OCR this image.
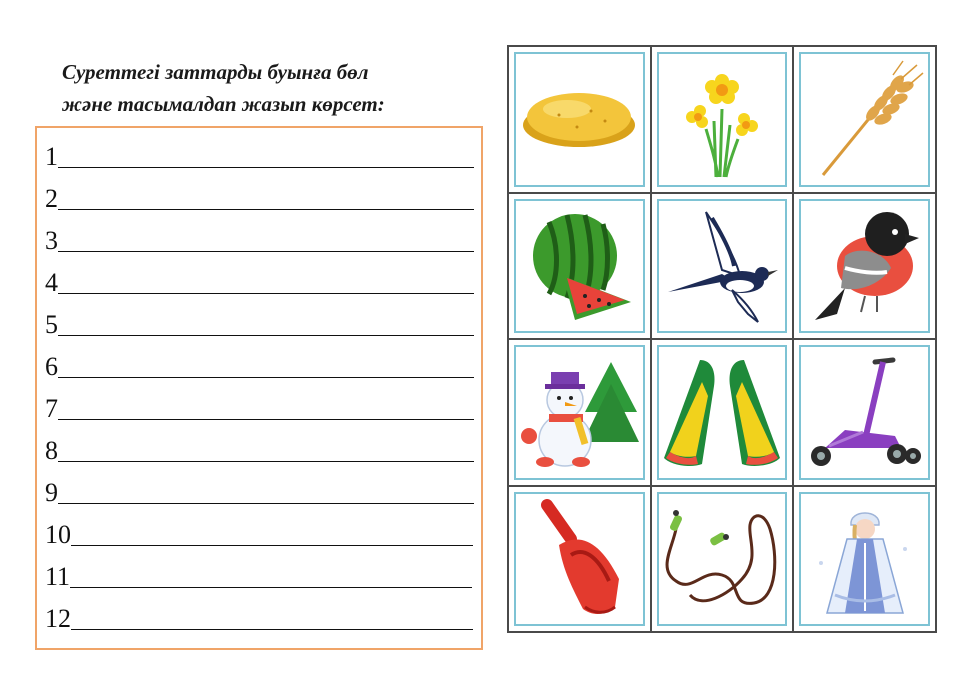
Суреттегі заттарды буынға бөл
және тасымалдап жазып көрсет:
1
2
3
4
5
6
7
8
9
10
11
12
